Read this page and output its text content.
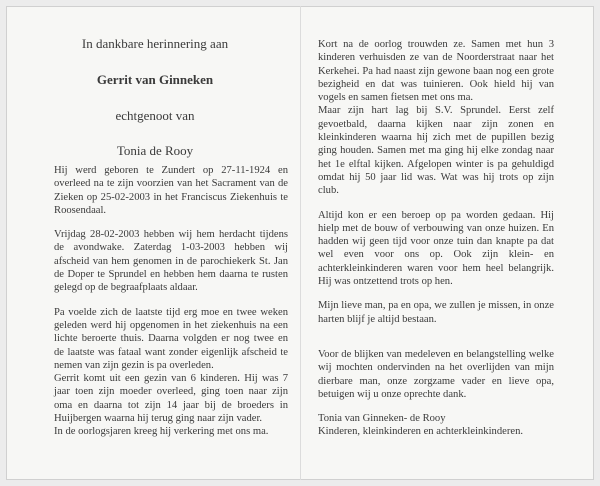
In dankbare herinnering aan
Gerrit van Ginneken
echtgenoot van
Tonia de Rooy

Hij werd geboren te Zundert op 27-11-1924 en overleed na te zijn voorzien van het Sacrament van de Zieken op 25-02-2003 in het Franciscus Ziekenhuis te Roosendaal.

Vrijdag 28-02-2003 hebben wij hem herdacht tijdens de avondwake. Zaterdag 1-03-2003 hebben wij afscheid van hem genomen in de parochiekerk St. Jan de Doper te Sprundel en hebben hem daarna te rusten gelegd op de begraafplaats aldaar.

Pa voelde zich de laatste tijd erg moe en twee weken geleden werd hij opgenomen in het ziekenhuis na een lichte beroerte thuis. Daarna volgden er nog twee en de laatste was fataal want zonder eigenlijk afscheid te nemen van zijn gezin is pa overleden.

Gerrit komt uit een gezin van 6 kinderen. Hij was 7 jaar toen zijn moeder overleed, ging toen naar zijn oma en daarna tot zijn 14 jaar bij de broeders in Huijbergen waarna hij terug ging naar zijn vader.

In de oorlogsjaren kreeg hij verkering met ons ma.

Kort na de oorlog trouwden ze. Samen met hun 3 kinderen verhuisden ze van de Noorderstraat naar het Kerkehei. Pa had naast zijn gewone baan nog een grote bezigheid en dat was tuinieren. Ook hield hij van vogels en samen fietsen met ons ma.

Maar zijn hart lag bij S.V. Sprundel. Eerst zelf gevoetbald, daarna kijken naar zijn zonen en kleinkinderen waarna hij zich met de pupillen bezig ging houden. Samen met ma ging hij elke zondag naar het 1e elftal kijken. Afgelopen winter is pa gehuldigd omdat hij 50 jaar lid was. Wat was hij trots op zijn club.

Altijd kon er een beroep op pa worden gedaan. Hij hielp met de bouw of verbouwing van onze huizen. En hadden wij geen tijd voor onze tuin dan knapte pa dat wel even voor ons op. Ook zijn klein- en achterkleinkinderen waren voor hem heel belangrijk. Hij was ontzettend trots op hen.

Mijn lieve man, pa en opa, we zullen je missen, in onze harten blijf je altijd bestaan.

Voor de blijken van medeleven en belangstelling welke wij mochten ondervinden na het overlijden van mijn dierbare man, onze zorgzame vader en lieve opa, betuigen wij u onze oprechte dank.

Tonia van Ginneken- de Rooy

Kinderen, kleinkinderen en achterkleinkinderen.
